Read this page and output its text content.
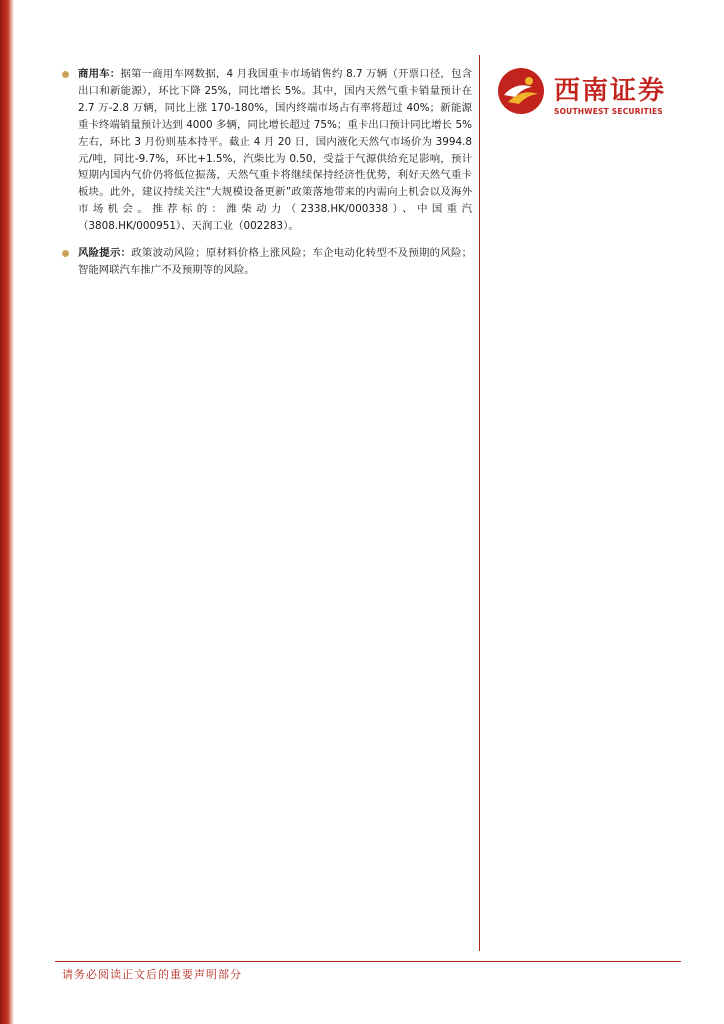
商用车：据第一商用车网数据，4 月我国重卡市场销售约 8.7 万辆（开票口径，包含出口和新能源），环比下降 25%，同比增长 5%。其中，国内天然气重卡销量预计在 2.7 万-2.8 万辆，同比上涨 170-180%，国内终端市场占有率将超过 40%；新能源重卡终端销量预计达到 4000 多辆，同比增长超过 75%；重卡出口预计同比增长 5%左右，环比 3 月份则基本持平。截止 4 月 20 日，国内液化天然气市场价为 3994.8 元/吨，同比-9.7%，环比+1.5%，汽柴比为 0.50，受益于气源供给充足影响，预计短期内国内气价仍将低位振荡，天然气重卡将继续保持经济性优势，利好天然气重卡板块。此外，建议持续关注“大规模设备更新”政策落地带来的内需向上机会以及海外市场机会。推荐标的：潍柴动力（2338.HK/000338）、中国重汽（3808.HK/000951）、天润工业（002283）。

风险提示：政策波动风险；原材料价格上涨风险；车企电动化转型不及预期的风险；智能网联汽车推广不及预期等的风险。

西南证券
SOUTHWEST SECURITIES
请务必阅读正文后的重要声明部分
